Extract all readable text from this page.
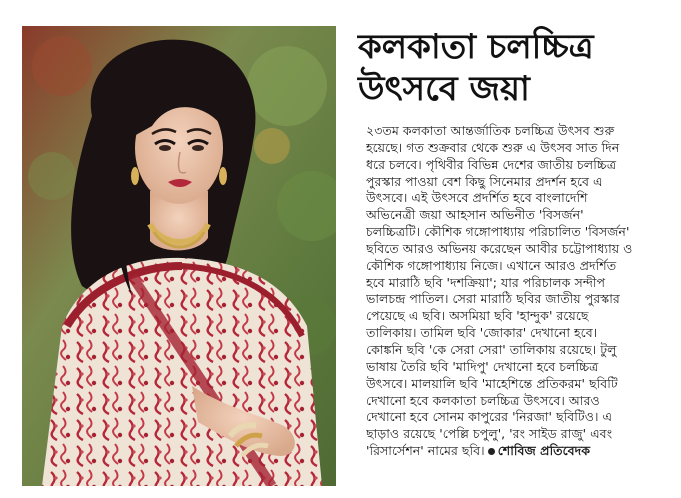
কলকাতা চলচ্চিত্র
উৎসবে জয়া
২৩তম কলকাতা আন্তর্জাতিক চলচ্চিত্র উৎসব শুরু
হয়েছে। গত শুক্রবার থেকে শুরু এ উৎসব সাত দিন
ধরে চলবে। পৃথিবীর বিভিন্ন দেশের জাতীয় চলচ্চিত্র
পুরস্কার পাওয়া বেশ কিছু সিনেমার প্রদর্শন হবে এ
উৎসবে। এই উৎসবে প্রদর্শিত হবে বাংলাদেশি
অভিনেত্রী জয়া আহসান অভিনীত 'বিসর্জন'
চলচ্চিত্রটি। কৌশিক গঙ্গোপাধ্যায় পরিচালিত 'বিসর্জন'
ছবিতে আরও অভিনয় করেছেন আবীর চট্টোপাধ্যায় ও
কৌশিক গঙ্গোপাধ্যায় নিজে। এখানে আরও প্রদর্শিত
হবে মারাঠি ছবি 'দশক্রিয়া'; যার পরিচালক সন্দীপ
ভালচন্দ্র পাতিল। সেরা মারাঠি ছবির জাতীয় পুরস্কার
পেয়েছে এ ছবি। অসমিয়া ছবি 'হান্দুক' রয়েছে
তালিকায়। তামিল ছবি 'জোকার' দেখানো হবে।
কোঙ্কনি ছবি 'কে সেরা সেরা' তালিকায় রয়েছে। টুলু
ভাষায় তৈরি ছবি 'মাদিপু' দেখানো হবে চলচ্চিত্র
উৎসবে। মালয়ালি ছবি 'মাহেশিন্তে প্রতিকরম' ছবিটি
দেখানো হবে কলকাতা চলচ্চিত্র উৎসবে। আরও
দেখানো হবে সোনম কাপুরের 'নিরজা' ছবিটিও। এ
ছাড়াও রয়েছে 'পেল্লি চপুলু', 'রং সাইড রাজু' এবং
'রিসার্সেশন' নামের ছবি। শোবিজ প্রতিবেদক
